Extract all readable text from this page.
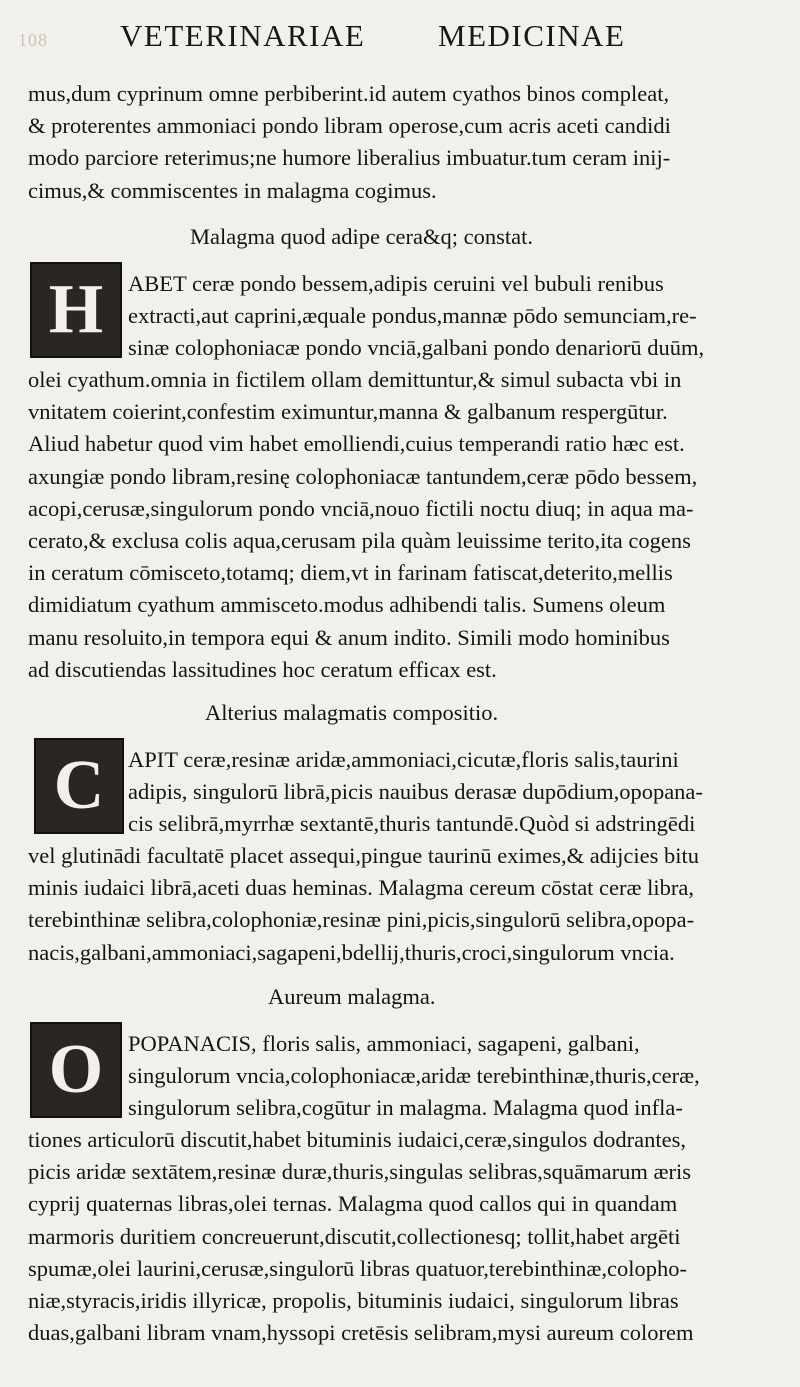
108 VETERINARIAE MEDICINAE
mus,dum cyprinum omne perbiberint.id autem cyathos binos compleat,
& proterentes ammoniaci pondo libram operose,cum acris aceti candidi
modo parciore reterimus;ne humore liberalius imbuatur.tum ceram inij-
cimus,& commiscentes in malagma cogimus.
Malagma quod adipe cera&q; constat.
H	ABET ceræ pondo bessem,adipis ceruini vel bubuli renibus
extracti,aut caprini,æquale pondus,mannæ pōdo semunciam,re-
sinæ colophoniacæ pondo vnciā,galbani pondo denariorū duūm,
olei cyathum.omnia in fictilem ollam demittuntur,& simul subacta vbi in
vnitatem coierint,confestim eximuntur,manna & galbanum respergūtur.
Aliud habetur quod vim habet emolliendi,cuius temperandi ratio hæc est.
axungiæ pondo libram,resinę colophoniacæ tantundem,ceræ pōdo bessem,
acopi,cerusæ,singulorum pondo vnciā,nouo fictili noctu diuq; in aqua ma-
cerato,& exclusa colis aqua,cerusam pila quàm leuissime terito,ita cogens
in ceratum cōmisceto,totamq; diem,vt in farinam fatiscat,deterito,mellis
dimidiatum cyathum ammisceto.modus adhibendi talis. Sumens oleum
manu resoluito,in tempora equi & anum indito. Simili modo hominibus
ad discutiendas lassitudines hoc ceratum efficax est.
Alterius malagmatis compositio.
C	APIT ceræ,resinæ aridæ,ammoniaci,cicutæ,floris salis,taurini
adipis, singulorū librā,picis nauibus derasæ dupōdium,opopana-
cis selibrā,myrrhæ sextantē,thuris tantundē.Quòd si adstringēdi
vel glutinādi facultatē placet assequi,pingue taurinū eximes,& adijcies bitu
minis iudaici librā,aceti duas heminas. Malagma cereum cōstat ceræ libra,
terebinthinæ selibra,colophoniæ,resinæ pini,picis,singulorū selibra,opopa-
nacis,galbani,ammoniaci,sagapeni,bdellij,thuris,croci,singulorum vncia.
Aureum malagma.
O	POPANACIS, floris salis, ammoniaci, sagapeni, galbani,
singulorum vncia,colophoniacæ,aridæ terebinthinæ,thuris,ceræ,
singulorum selibra,cogūtur in malagma. Malagma quod infla-
tiones articulorū discutit,habet bituminis iudaici,ceræ,singulos dodrantes,
picis aridæ sextātem,resinæ duræ,thuris,singulas selibras,squāmarum æris
cyprij quaternas libras,olei ternas. Malagma quod callos qui in quandam
marmoris duritiem concreuerunt,discutit,collectionesq; tollit,habet argēti
spumæ,olei laurini,cerusæ,singulorū libras quatuor,terebinthinæ,colopho-
niæ,styracis,iridis illyricæ, propolis, bituminis iudaici, singulorum libras
duas,galbani libram vnam,hyssopi cretēsis selibram,mysi aureum colorem
